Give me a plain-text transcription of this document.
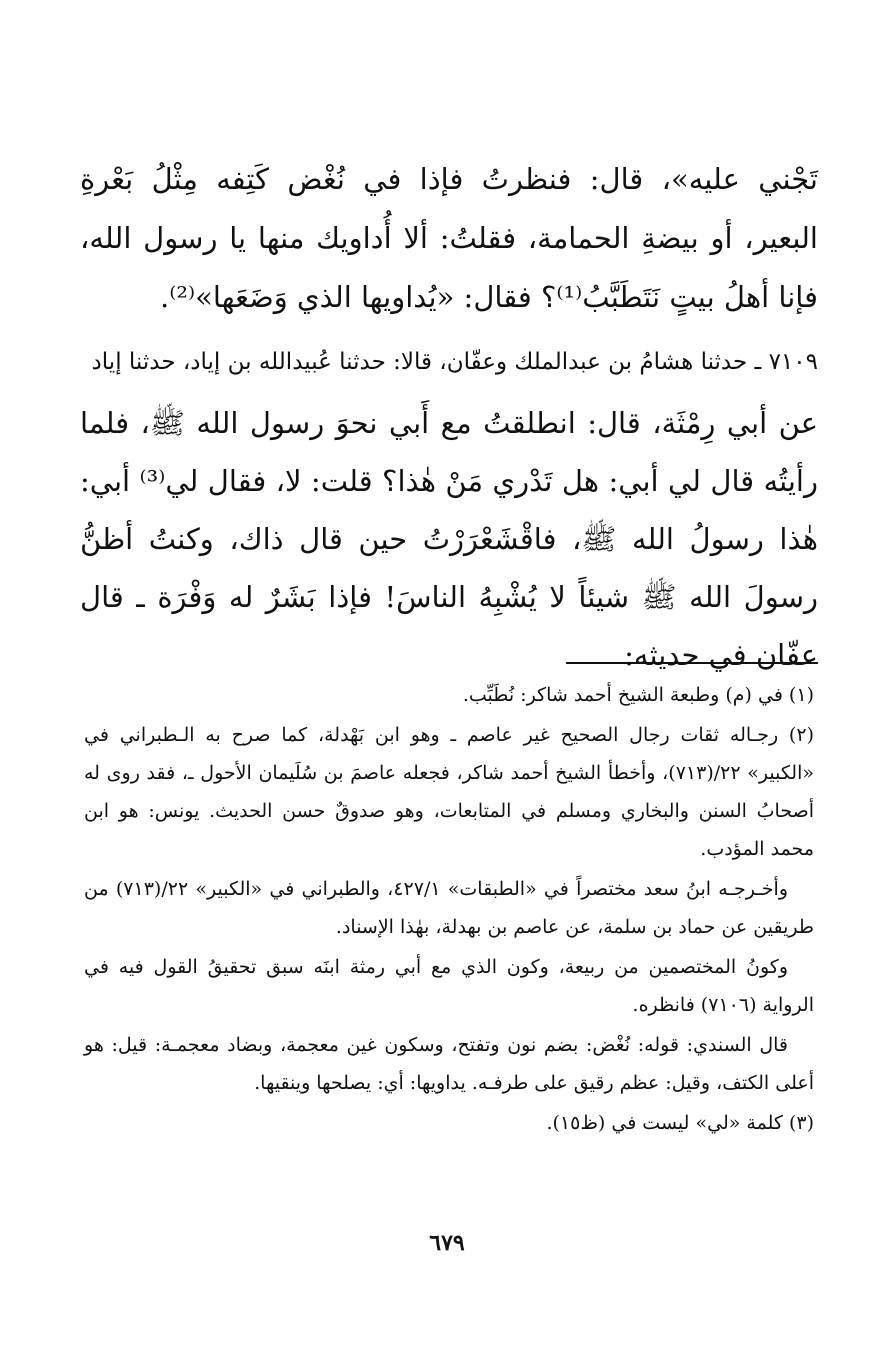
تَجْني عليه»، قال: فنظرتُ فإذا في نُغْض كَتِفه مِثْلُ بَعْرةِ البعير، أو بيضةِ الحمامة، فقلتُ: ألا أُداويك منها يا رسول الله، فإنا أهلُ بيتٍ نَتَطَبَّبُ⁽¹⁾؟ فقال: «يُداويها الذي وَضَعَها»⁽²⁾.

٧١٠٩ ـ حدثنا هشامُ بن عبدالملك وعفّان، قالا: حدثنا عُبيدالله بن إياد، حدثنا إياد

عن أبي رِمْثَة، قال: انطلقتُ مع أَبي نحوَ رسول الله ﷺ، فلما رأيتُه قال لي أبي: هل تَدْري مَنْ هٰذا؟ قلت: لا، فقال لي⁽³⁾ أبي: هٰذا رسولُ الله ﷺ، فاقْشَعْرَرْتُ حين قال ذاك، وكنتُ أظنُّ رسولَ الله ﷺ شيئاً لا يُشْبِهُ الناسَ! فإذا بَشَرٌ له وَفْرَة ـ قال عفّان في حديثه:

(١) في (م) وطبعة الشيخ أحمد شاكر: نُطَبِّب.

(٢) رجـاله ثقات رجال الصحيح غير عاصم ـ وهو ابن بَهْدلة، كما صرح به الـطبراني في «الكبير» ٢٢/(٧١٣)، وأخطأ الشيخ أحمد شاكر، فجعله عاصمَ بن سُلَيمان الأحول ـ، فقد روى له أصحابُ السنن والبخاري ومسلم في المتابعات، وهو صدوقٌ حسن الحديث. يونس: هو ابن محمد المؤدب.

وأخـرجـه ابنُ سعد مختصراً في «الطبقات» ٤٢٧/١، والطبراني في «الكبير» ٢٢/(٧١٣) من طريقين عن حماد بن سلمة، عن عاصم بن بهدلة، بهٰذا الإسناد.

وكونُ المختصمين من ربيعة، وكون الذي مع أبي رمثة ابنَه سبق تحقيقُ القول فيه في الرواية (٧١٠٦) فانظره.

قال السندي: قوله: نُغْض: بضم نون وتفتح، وسكون غين معجمة، وبضاد معجمـة: قيل: هو أعلى الكتف، وقيل: عظم رقيق على طرفـه. يداويها: أي: يصلحها وينقيها.

(٣) كلمة «لي» ليست في (ظ١٥).

٦٧٩
